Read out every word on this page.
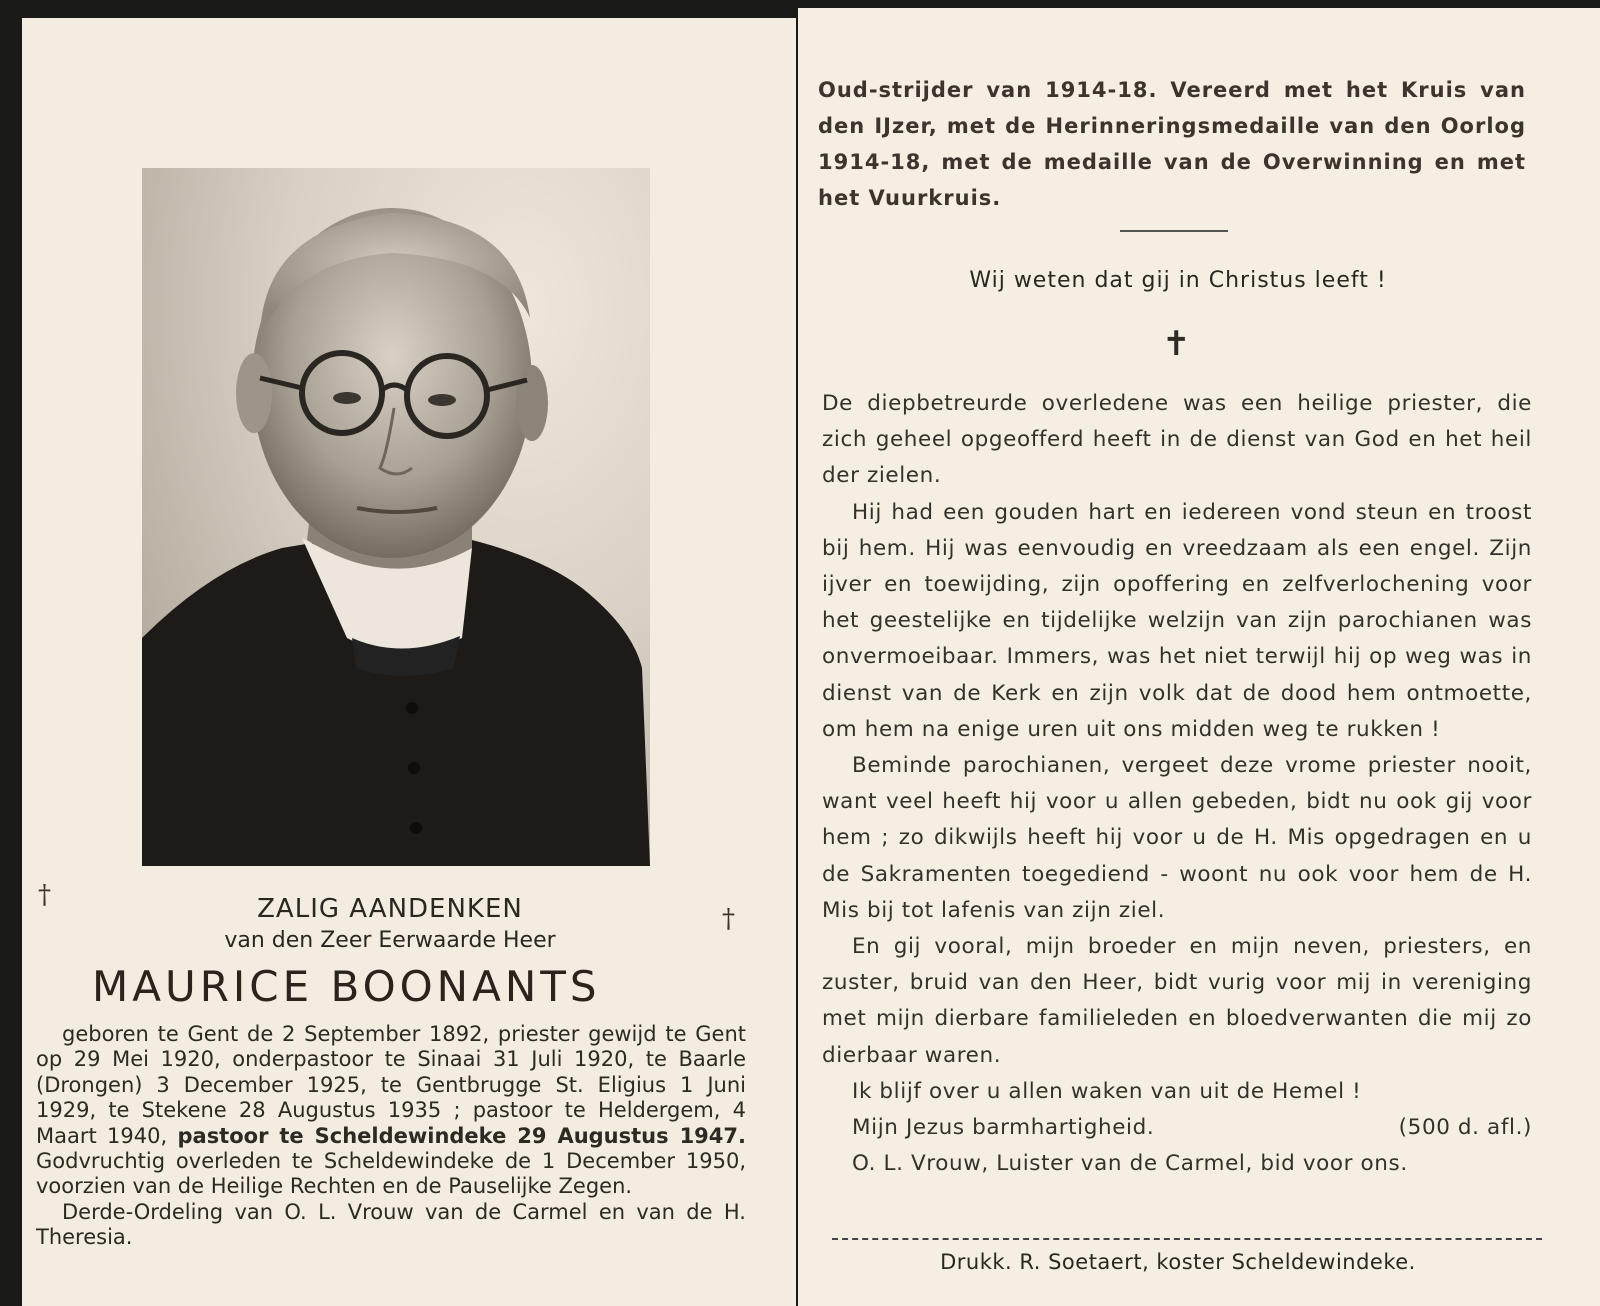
†
†
ZALIG AANDENKEN
van den Zeer Eerwaarde Heer
MAURICE BOONANTS

geboren te Gent de 2 September 1892, priester gewijd te Gent op 29 Mei 1920, onderpastoor te Sinaai 31 Juli 1920, te Baarle (Drongen) 3 December 1925, te Gentbrugge St. Eligius 1 Juni 1929, te Stekene 28 Augustus 1935 ; pastoor te Heldergem, 4 Maart 1940, pastoor te Scheldewindeke 29 Augustus 1947. Godvruchtig overleden te Scheldewindeke de 1 December 1950, voorzien van de Heilige Rechten en de Pauselijke Zegen.

Derde-Ordeling van O. L. Vrouw van de Carmel en van de H. Theresia.

Oud-strijder van 1914-18. Vereerd met het Kruis van den IJzer, met de Herinneringsmedaille van den Oorlog 1914-18, met de medaille van de Overwinning en met het Vuurkruis.
Wij weten dat gij in Christus leeft !
✝

De diepbetreurde overledene was een heilige priester, die zich geheel opgeofferd heeft in de dienst van God en het heil der zielen.

Hij had een gouden hart en iedereen vond steun en troost bij hem. Hij was eenvoudig en vreedzaam als een engel. Zijn ijver en toewijding, zijn opoffering en zelfverlochening voor het geestelijke en tijdelijke welzijn van zijn parochianen was onvermoeibaar. Immers, was het niet terwijl hij op weg was in dienst van de Kerk en zijn volk dat de dood hem ontmoette, om hem na enige uren uit ons midden weg te rukken !

Beminde parochianen, vergeet deze vrome priester nooit, want veel heeft hij voor u allen gebeden, bidt nu ook gij voor hem ; zo dikwijls heeft hij voor u de H. Mis opgedragen en u de Sakramenten toegediend - woont nu ook voor hem de H. Mis bij tot lafenis van zijn ziel.

En gij vooral, mijn broeder en mijn neven, priesters, en zuster, bruid van den Heer, bidt vurig voor mij in vereniging met mijn dierbare familieleden en bloedverwanten die mij zo dierbaar waren.

Ik blijf over u allen waken van uit de Hemel !
Mijn Jezus barmhartigheid.	(500 d. afl.)
O. L. Vrouw, Luister van de Carmel, bid voor ons.
Drukk. R. Soetaert, koster Scheldewindeke.
